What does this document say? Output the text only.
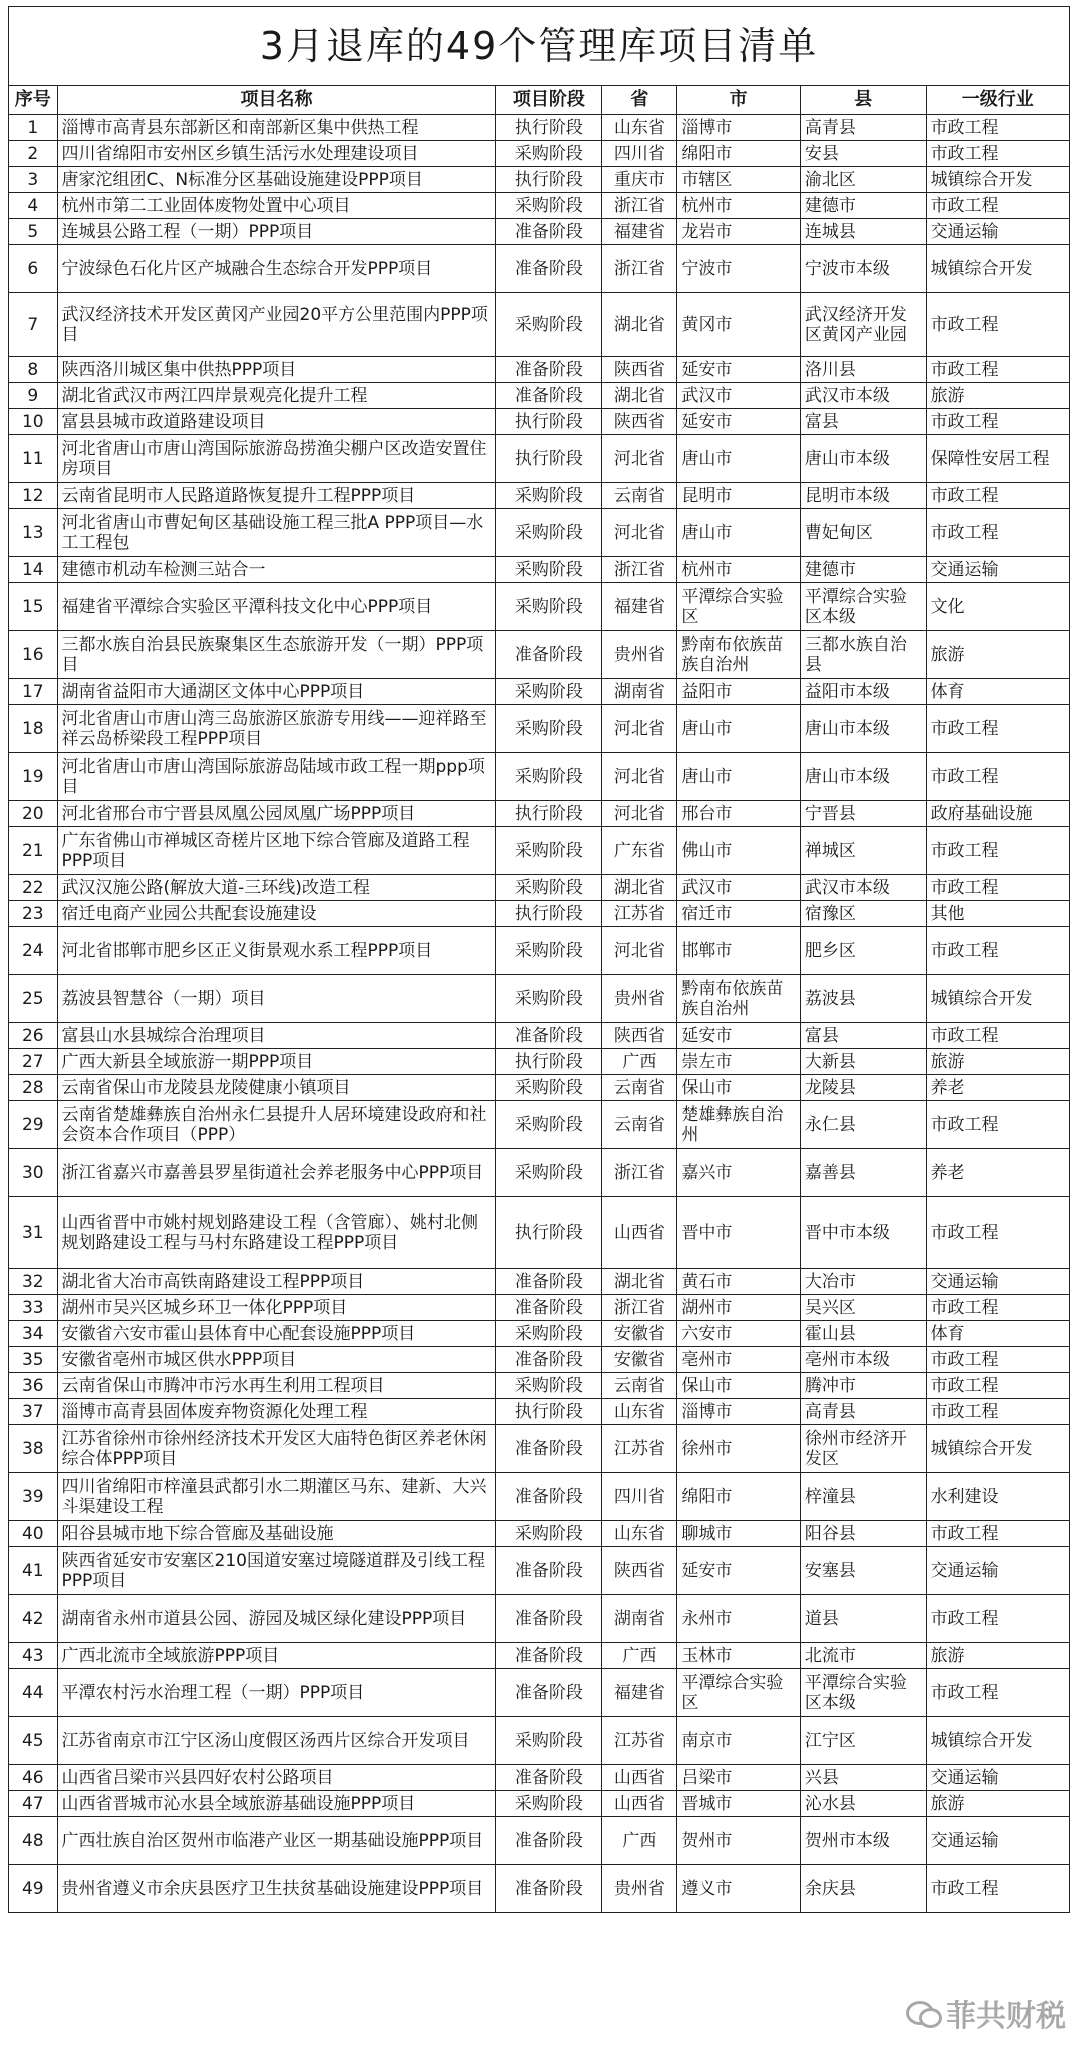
3月退库的49个管理库项目清单						
序号	项目名称	项目阶段	省	市	县	一级行业
1	淄博市高青县东部新区和南部新区集中供热工程	执行阶段	山东省	淄博市	高青县	市政工程
2	四川省绵阳市安州区乡镇生活污水处理建设项目	采购阶段	四川省	绵阳市	安县	市政工程
3	唐家沱组团C、N标准分区基础设施建设PPP项目	执行阶段	重庆市	市辖区	渝北区	城镇综合开发
4	杭州市第二工业固体废物处置中心项目	采购阶段	浙江省	杭州市	建德市	市政工程
5	连城县公路工程（一期）PPP项目	准备阶段	福建省	龙岩市	连城县	交通运输
6	宁波绿色石化片区产城融合生态综合开发PPP项目	准备阶段	浙江省	宁波市	宁波市本级	城镇综合开发
7	武汉经济技术开发区黄冈产业园20平方公里范围内PPP项目	采购阶段	湖北省	黄冈市	武汉经济开发区黄冈产业园	市政工程
8	陕西洛川城区集中供热PPP项目	准备阶段	陕西省	延安市	洛川县	市政工程
9	湖北省武汉市两江四岸景观亮化提升工程	准备阶段	湖北省	武汉市	武汉市本级	旅游
10	富县县城市政道路建设项目	执行阶段	陕西省	延安市	富县	市政工程
11	河北省唐山市唐山湾国际旅游岛捞渔尖棚户区改造安置住房项目	执行阶段	河北省	唐山市	唐山市本级	保障性安居工程
12	云南省昆明市人民路道路恢复提升工程PPP项目	采购阶段	云南省	昆明市	昆明市本级	市政工程
13	河北省唐山市曹妃甸区基础设施工程三批A PPP项目—水工工程包	采购阶段	河北省	唐山市	曹妃甸区	市政工程
14	建德市机动车检测三站合一	采购阶段	浙江省	杭州市	建德市	交通运输
15	福建省平潭综合实验区平潭科技文化中心PPP项目	采购阶段	福建省	平潭综合实验区	平潭综合实验区本级	文化
16	三都水族自治县民族聚集区生态旅游开发（一期）PPP项目	准备阶段	贵州省	黔南布依族苗族自治州	三都水族自治县	旅游
17	湖南省益阳市大通湖区文体中心PPP项目	采购阶段	湖南省	益阳市	益阳市本级	体育
18	河北省唐山市唐山湾三岛旅游区旅游专用线——迎祥路至祥云岛桥梁段工程PPP项目	采购阶段	河北省	唐山市	唐山市本级	市政工程
19	河北省唐山市唐山湾国际旅游岛陆域市政工程一期ppp项目	采购阶段	河北省	唐山市	唐山市本级	市政工程
20	河北省邢台市宁晋县凤凰公园凤凰广场PPP项目	执行阶段	河北省	邢台市	宁晋县	政府基础设施
21	广东省佛山市禅城区奇槎片区地下综合管廊及道路工程PPP项目	采购阶段	广东省	佛山市	禅城区	市政工程
22	武汉汉施公路(解放大道-三环线)改造工程	采购阶段	湖北省	武汉市	武汉市本级	市政工程
23	宿迁电商产业园公共配套设施建设	执行阶段	江苏省	宿迁市	宿豫区	其他
24	河北省邯郸市肥乡区正义街景观水系工程PPP项目	采购阶段	河北省	邯郸市	肥乡区	市政工程
25	荔波县智慧谷（一期）项目	采购阶段	贵州省	黔南布依族苗族自治州	荔波县	城镇综合开发
26	富县山水县城综合治理项目	准备阶段	陕西省	延安市	富县	市政工程
27	广西大新县全域旅游一期PPP项目	执行阶段	广西	崇左市	大新县	旅游
28	云南省保山市龙陵县龙陵健康小镇项目	采购阶段	云南省	保山市	龙陵县	养老
29	云南省楚雄彝族自治州永仁县提升人居环境建设政府和社会资本合作项目（PPP）	采购阶段	云南省	楚雄彝族自治州	永仁县	市政工程
30	浙江省嘉兴市嘉善县罗星街道社会养老服务中心PPP项目	采购阶段	浙江省	嘉兴市	嘉善县	养老
31	山西省晋中市姚村规划路建设工程（含管廊）、姚村北侧规划路建设工程与马村东路建设工程PPP项目	执行阶段	山西省	晋中市	晋中市本级	市政工程
32	湖北省大冶市高铁南路建设工程PPP项目	准备阶段	湖北省	黄石市	大冶市	交通运输
33	湖州市吴兴区城乡环卫一体化PPP项目	准备阶段	浙江省	湖州市	吴兴区	市政工程
34	安徽省六安市霍山县体育中心配套设施PPP项目	采购阶段	安徽省	六安市	霍山县	体育
35	安徽省亳州市城区供水PPP项目	准备阶段	安徽省	亳州市	亳州市本级	市政工程
36	云南省保山市腾冲市污水再生利用工程项目	采购阶段	云南省	保山市	腾冲市	市政工程
37	淄博市高青县固体废弃物资源化处理工程	执行阶段	山东省	淄博市	高青县	市政工程
38	江苏省徐州市徐州经济技术开发区大庙特色街区养老休闲综合体PPP项目	准备阶段	江苏省	徐州市	徐州市经济开发区	城镇综合开发
39	四川省绵阳市梓潼县武都引水二期灌区马东、建新、大兴斗渠建设工程	准备阶段	四川省	绵阳市	梓潼县	水利建设
40	阳谷县城市地下综合管廊及基础设施	采购阶段	山东省	聊城市	阳谷县	市政工程
41	陕西省延安市安塞区210国道安塞过境隧道群及引线工程PPP项目	准备阶段	陕西省	延安市	安塞县	交通运输
42	湖南省永州市道县公园、游园及城区绿化建设PPP项目	准备阶段	湖南省	永州市	道县	市政工程
43	广西北流市全域旅游PPP项目	准备阶段	广西	玉林市	北流市	旅游
44	平潭农村污水治理工程（一期）PPP项目	准备阶段	福建省	平潭综合实验区	平潭综合实验区本级	市政工程
45	江苏省南京市江宁区汤山度假区汤西片区综合开发项目	采购阶段	江苏省	南京市	江宁区	城镇综合开发
46	山西省吕梁市兴县四好农村公路项目	准备阶段	山西省	吕梁市	兴县	交通运输
47	山西省晋城市沁水县全域旅游基础设施PPP项目	采购阶段	山西省	晋城市	沁水县	旅游
48	广西壮族自治区贺州市临港产业区一期基础设施PPP项目	准备阶段	广西	贺州市	贺州市本级	交通运输
49	贵州省遵义市余庆县医疗卫生扶贫基础设施建设PPP项目	准备阶段	贵州省	遵义市	余庆县	市政工程
菲共财税
